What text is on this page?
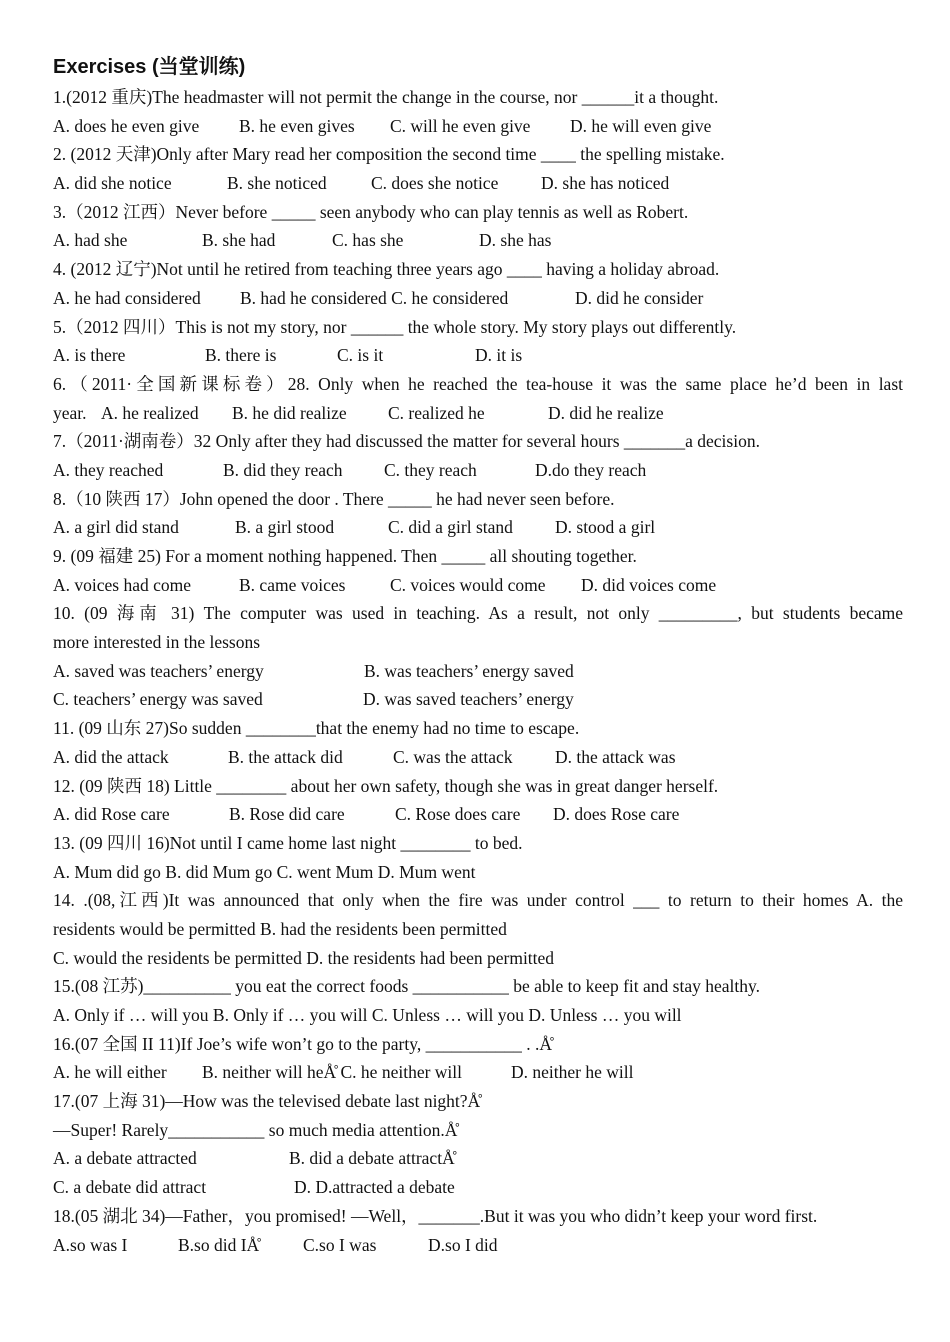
Exercises (当堂训练)
1.(2012 重庆)The headmaster will not permit the change in the course, nor ______it a thought.
A. does he even give	B. he even gives	C. will he even give	D. he will even give
2. (2012 天津)Only after Mary read her composition the second time ____ the spelling mistake.
A. did she notice	B. she noticed	C. does she notice	D. she has noticed
3.（2012 江西）Never before _____ seen anybody who can play tennis as well as Robert.
A. had she	B. she had	C. has she	D. she has
4. (2012 辽宁)Not until he retired from teaching three years ago ____ having a holiday abroad.
A. he had considered	B. had he considered C. he considered	D. did he consider
5.（2012 四川）This is not my story, nor ______ the whole story. My story plays out differently.
A. is there	B. there is	C. is it	D. it is
6.（2011·全国新课标卷）28. Only when he reached the tea-house it was the same place he’d been in last
year. A. he realized	B. he did realize	C. realized he	D. did he realize
7.（2011·湖南卷）32 Only after they had discussed the matter for several hours _______a decision.
A. they reached	B. did they reach	C. they reach	D.do they reach
8.（10 陕西 17）John opened the door . There _____ he had never seen before.
A. a girl did stand	B. a girl stood	C. did a girl stand	D. stood a girl
9. (09 福建 25) For a moment nothing happened. Then _____ all shouting together.
A. voices had come	B. came voices	C. voices would come	D. did voices come
10. (09 海南 31) The computer was used in teaching. As a result, not only _________, but students became
more interested in the lessons
A. saved was teachers’ energy	B. was teachers’ energy saved
C. teachers’ energy was saved	D. was saved teachers’ energy
11. (09 山东 27)So sudden ________that the enemy had no time to escape.
A. did the attack	B. the attack did	C. was the attack	D. the attack was
12. (09 陕西 18) Little ________ about her own safety, though she was in great danger herself.
A. did Rose care	B. Rose did care	C. Rose does care	D. does Rose care
13. (09 四川 16)Not until I came home last night ________ to bed.
A. Mum did go B. did Mum go C. went Mum D. Mum went
14. .(08,江西)It was announced that only when the fire was under control ___ to return to their homes A. the
residents would be permitted B. had the residents been permitted
C. would the residents be permitted D. the residents had been permitted
15.(08 江苏)__________ you eat the correct foods ___________ be able to keep fit and stay healthy.
A. Only if … will you B. Only if … you will C. Unless … will you D. Unless … you will
16.(07 全国 II 11)If Joe’s wife won’t go to the party, ___________ . .Å̊
A. he will either	B. neither will heÅ̊ C. he neither will	D. neither he will
17.(07 上海 31)—How was the televised debate last night?Å̊
—Super! Rarely___________ so much media attention.Å̊
A. a debate attracted	B. did a debate attractÅ̊
C. a debate did attract	D. D.attracted a debate
18.(05 湖北 34)—Father，you promised! —Well，_______.But it was you who didn’t keep your word first.
A.so was I	B.so did IÅ̊	C.so I was	D.so I did
